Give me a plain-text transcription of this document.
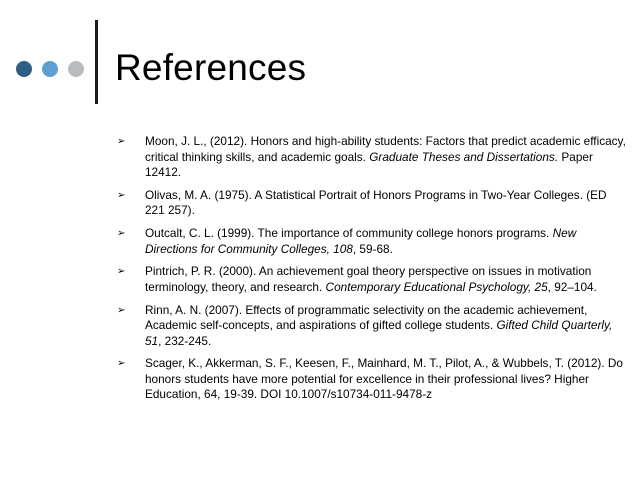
References
➢ Moon, J. L., (2012). Honors and high-ability students: Factors that predict academic efficacy, critical thinking skills, and academic goals. Graduate Theses and Dissertations. Paper 12412.
➢ Olivas, M. A. (1975). A Statistical Portrait of Honors Programs in Two-Year Colleges. (ED 221 257).
➢ Outcalt, C. L. (1999). The importance of community college honors programs. New Directions for Community Colleges, 108, 59-68.
➢ Pintrich, P. R. (2000). An achievement goal theory perspective on issues in motivation terminology, theory, and research. Contemporary Educational Psychology, 25, 92–104.
➢ Rinn, A. N. (2007). Effects of programmatic selectivity on the academic achievement, Academic self-concepts, and aspirations of gifted college students. Gifted Child Quarterly, 51, 232-245.
➢ Scager, K., Akkerman, S. F., Keesen, F., Mainhard, M. T., Pilot, A., & Wubbels, T. (2012). Do honors students have more potential for excellence in their professional lives? Higher Education, 64, 19-39. DOI 10.1007/s10734-011-9478-z
